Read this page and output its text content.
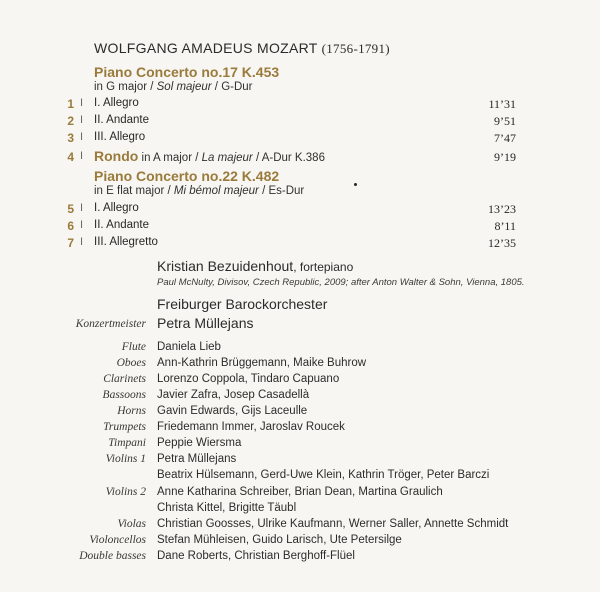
WOLFGANG AMADEUS MOZART (1756-1791)
Piano Concerto no.17 K.453
in G major / Sol majeur / G-Dur
1 I I. Allegro	11’31
2 I II. Andante	9’51
3 I III. Allegro	7’47
4 I Rondo in A major / La majeur / A-Dur K.386	9’19
Piano Concerto no.22 K.482
in E flat major / Mi bémol majeur / Es-Dur
5 I I. Allegro	13’23
6 I II. Andante	8’11
7 I III. Allegretto	12’35
Kristian Bezuidenhout, fortepiano
Paul McNulty, Divisov, Czech Republic, 2009; after Anton Walter & Sohn, Vienna, 1805.
Freiburger Barockorchester
Konzertmeister Petra Müllejans
Flute Daniela Lieb
Oboes Ann-Kathrin Brüggemann, Maike Buhrow
Clarinets Lorenzo Coppola, Tindaro Capuano
Bassoons Javier Zafra, Josep Casadellà
Horns Gavin Edwards, Gijs Laceulle
Trumpets Friedemann Immer, Jaroslav Roucek
Timpani Peppie Wiersma
Violins 1 Petra Müllejans
Beatrix Hülsemann, Gerd-Uwe Klein, Kathrin Tröger, Peter Barczi
Violins 2 Anne Katharina Schreiber, Brian Dean, Martina Graulich
Christa Kittel, Brigitte Täubl
Violas Christian Goosses, Ulrike Kaufmann, Werner Saller, Annette Schmidt
Violoncellos Stefan Mühleisen, Guido Larisch, Ute Petersilge
Double basses Dane Roberts, Christian Berghoff-Flüel
